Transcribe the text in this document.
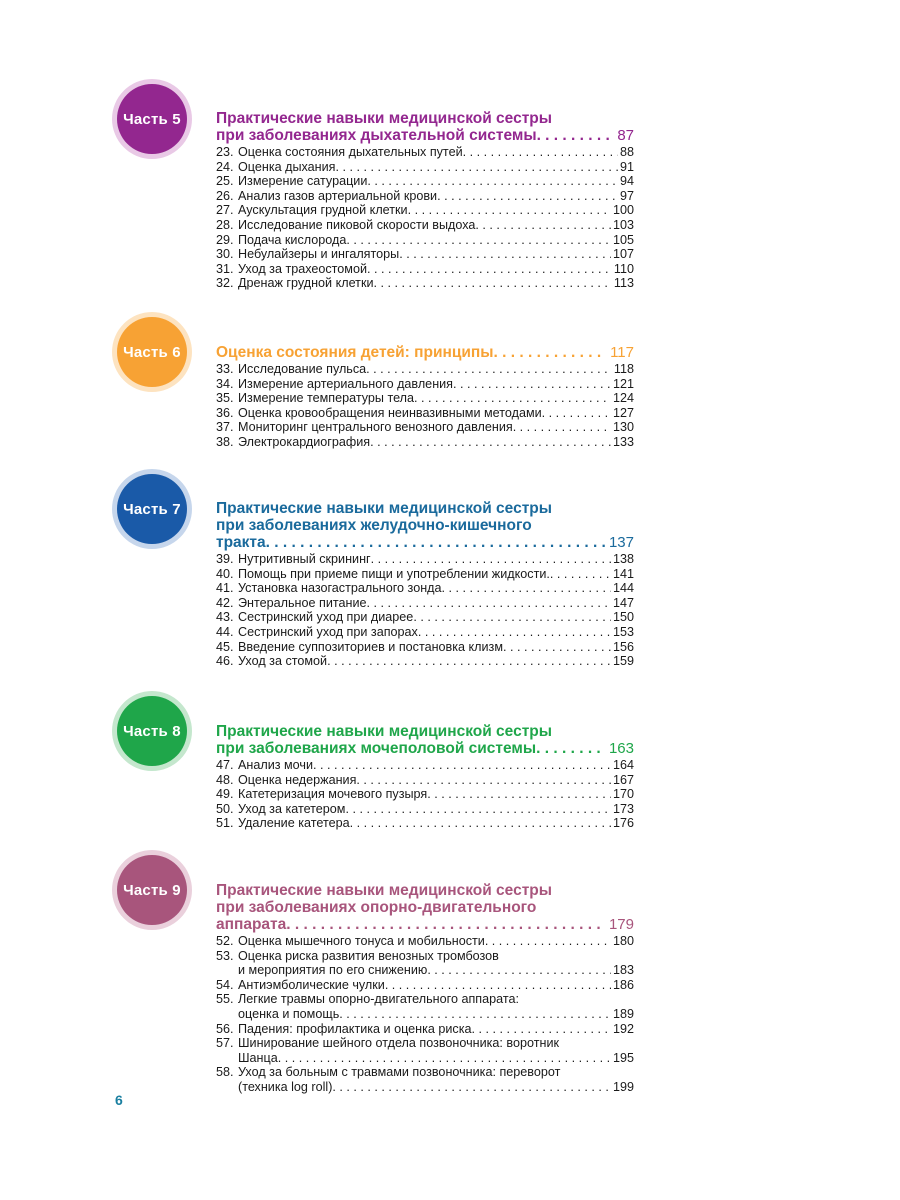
Часть 5	Практические навыки медицинской сестры
при заболеваниях дыхательной системы . . .	87
23. Оценка состояния дыхательных путей . . .	88
24. Оценка дыхания . . .	91
25. Измерение сатурации . . .	94
26. Анализ газов артериальной крови . . .	97
27. Аускультация грудной клетки . . .	100
28. Исследование пиковой скорости выдоха . . .	103
29. Подача кислорода . . .	105
30. Небулайзеры и ингаляторы . . .	107
31. Уход за трахеостомой . . .	110
32. Дренаж грудной клетки . . .	113
Часть 6	Оценка состояния детей: принципы . . .	117
33. Исследование пульса . . .	118
34. Измерение артериального давления . . .	121
35. Измерение температуры тела . . .	124
36. Оценка кровообращения неинвазивными методами . . .	127
37. Мониторинг центрального венозного давления . . .	130
38. Электрокардиография . . .	133
Часть 7	Практические навыки медицинской сестры
при заболеваниях желудочно-кишечного
тракта . . .	137
39. Нутритивный скрининг . . .	138
40. Помощь при приеме пищи и употреблении жидкости. . . .	141
41. Установка назогастрального зонда . . .	144
42. Энтеральное питание . . .	147
43. Сестринский уход при диарее . . .	150
44. Сестринский уход при запорах . . .	153
45. Введение суппозиториев и постановка клизм . . .	156
46. Уход за стомой . . .	159
Часть 8	Практические навыки медицинской сестры
при заболеваниях мочеполовой системы . . .	163
47. Анализ мочи . . .	164
48. Оценка недержания . . .	167
49. Катетеризация мочевого пузыря . . .	170
50. Уход за катетером . . .	173
51. Удаление катетера . . .	176
Часть 9	Практические навыки медицинской сестры
при заболеваниях опорно-двигательного
аппарата . . .	179
52. Оценка мышечного тонуса и мобильности . . .	180
53. Оценка риска развития венозных тромбозов
и мероприятия по его снижению . . .	183
54. Антиэмболические чулки . . .	186
55. Легкие травмы опорно-двигательного аппарата:
оценка и помощь . . .	189
56. Падения: профилактика и оценка риска . . .	192
57. Шинирование шейного отдела позвоночника: воротник
Шанца . . .	195
58. Уход за больным с травмами позвоночника: переворот
(техника log roll) . . .	199
6
